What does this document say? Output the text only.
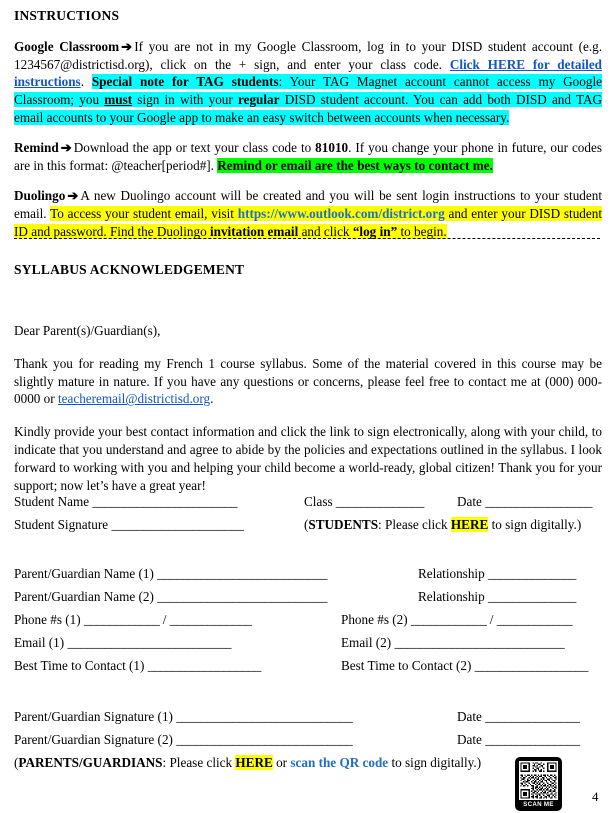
INSTRUCTIONS

Google Classroom ➔ If you are not in my Google Classroom, log in to your DISD student account (e.g. 1234567@districtisd.org), click on the + sign, and enter your class code. Click HERE for detailed instructions. Special note for TAG students: Your TAG Magnet account cannot access my Google Classroom; you must sign in with your regular DISD student account. You can add both DISD and TAG email accounts to your Google app to make an easy switch between accounts when necessary.

Remind ➔ Download the app or text your class code to 81010. If you change your phone in future, our codes are in this format: @teacher[period#]. Remind or email are the best ways to contact me.

Duolingo ➔ A new Duolingo account will be created and you will be sent login instructions to your student email. To access your student email, visit https://www.outlook.com/district.org and enter your DISD student ID and password. Find the Duolingo invitation email and click “log in” to begin.

SYLLABUS ACKNOWLEDGEMENT

Dear Parent(s)/Guardian(s),

Thank you for reading my French 1 course syllabus. Some of the material covered in this course may be slightly mature in nature. If you have any questions or concerns, please feel free to contact me at (000) 000-0000 or teacheremail@districtisd.org.

Kindly provide your best contact information and click the link to sign electronically, along with your child, to indicate that you understand and agree to abide by the policies and expectations outlined in the syllabus. I look forward to working with you and helping your child become a world-ready, global citizen! Thank you for your support; now let’s have a great year!

Student Name _______________________	Class ______________	Date _________________
Student Signature _____________________	(STUDENTS: Please click HERE to sign digitally.)
Parent/Guardian Name (1) ___________________________	Relationship ______________
Parent/Guardian Name (2) ___________________________	Relationship ______________
Phone #s (1) ____________ / _____________	Phone #s (2) ____________ / ____________
Email (1) __________________________	Email (2) ___________________________
Best Time to Contact (1) __________________	Best Time to Contact (2) __________________
Parent/Guardian Signature (1) ____________________________	Date _______________
Parent/Guardian Signature (2) ____________________________	Date _______________
(PARENTS/GUARDIANS: Please click HERE or scan the QR code to sign digitally.)
SCAN ME
4
